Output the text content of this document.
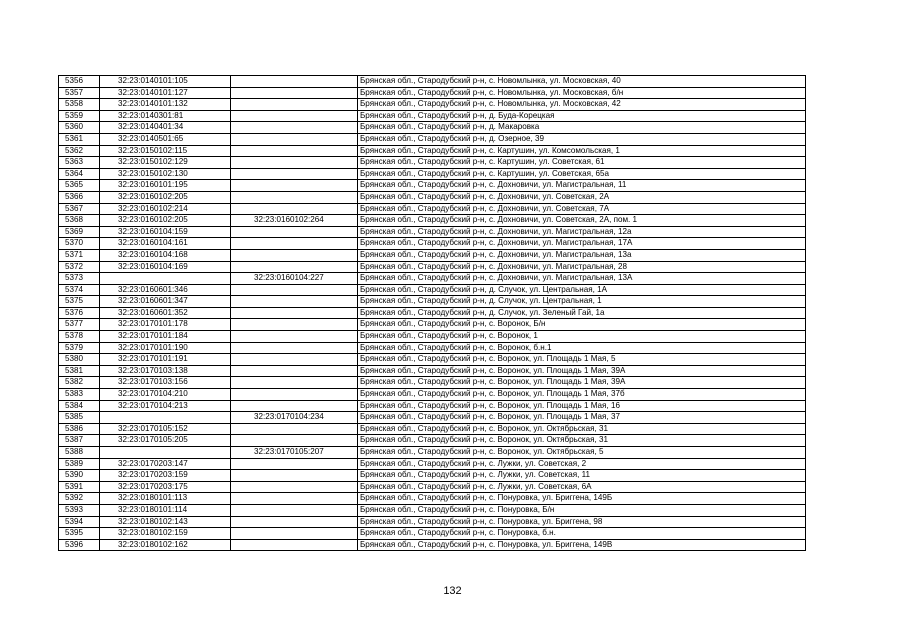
5356	32:23:0140101:105		Брянская обл., Стародубский р-н, с. Новомлынка, ул. Московская, 40
5357	32:23:0140101:127		Брянская обл., Стародубский р-н, с. Новомлынка, ул. Московская, б/н
5358	32:23:0140101:132		Брянская обл., Стародубский р-н, с. Новомлынка, ул. Московская, 42
5359	32:23:0140301:81		Брянская обл., Стародубский р-н, д. Буда-Корецкая
5360	32:23:0140401:34		Брянская обл., Стародубский р-н, д. Макаровка
5361	32:23:0140501:65		Брянская обл., Стародубский р-н, д. Озерное, 39
5362	32:23:0150102:115		Брянская обл., Стародубский р-н, с. Картушин, ул. Комсомольская, 1
5363	32:23:0150102:129		Брянская обл., Стародубский р-н, с. Картушин, ул. Советская, 61
5364	32:23:0150102:130		Брянская обл., Стародубский р-н, с. Картушин, ул. Советская, 65а
5365	32:23:0160101:195		Брянская обл., Стародубский р-н, с. Дохновичи, ул. Магистральная, 11
5366	32:23:0160102:205		Брянская обл., Стародубский р-н, с. Дохновичи, ул. Советская, 2А
5367	32:23:0160102:214		Брянская обл., Стародубский р-н, с. Дохновичи, ул. Советская, 7А
5368	32:23:0160102:205	32:23:0160102:264	Брянская обл., Стародубский р-н, с. Дохновичи, ул. Советская, 2А, пом. 1
5369	32:23:0160104:159		Брянская обл., Стародубский р-н, с. Дохновичи, ул. Магистральная, 12а
5370	32:23:0160104:161		Брянская обл., Стародубский р-н, с. Дохновичи, ул. Магистральная, 17А
5371	32:23:0160104:168		Брянская обл., Стародубский р-н, с. Дохновичи, ул. Магистральная, 13а
5372	32:23:0160104:169		Брянская обл., Стародубский р-н, с. Дохновичи, ул. Магистральная, 28
5373		32:23:0160104:227	Брянская обл., Стародубский р-н, с. Дохновичи, ул. Магистральная, 13А
5374	32:23:0160601:346		Брянская обл., Стародубский р-н, д. Случок, ул. Центральная, 1А
5375	32:23:0160601:347		Брянская обл., Стародубский р-н, д. Случок, ул. Центральная, 1
5376	32:23:0160601:352		Брянская обл., Стародубский р-н, д. Случок, ул. Зеленый Гай, 1а
5377	32:23:0170101:178		Брянская обл., Стародубский р-н, с. Воронок, Б/н
5378	32:23:0170101:184		Брянская обл., Стародубский р-н, с. Воронок, 1
5379	32:23:0170101:190		Брянская обл., Стародубский р-н, с. Воронок, б.н.1
5380	32:23:0170101:191		Брянская обл., Стародубский р-н, с. Воронок, ул. Площадь 1 Мая, 5
5381	32:23:0170103:138		Брянская обл., Стародубский р-н, с. Воронок, ул. Площадь 1 Мая, 39А
5382	32:23:0170103:156		Брянская обл., Стародубский р-н, с. Воронок, ул. Площадь 1 Мая, 39А
5383	32:23:0170104:210		Брянская обл., Стародубский р-н, с. Воронок, ул. Площадь 1 Мая, 37б
5384	32:23:0170104:213		Брянская обл., Стародубский р-н, с. Воронок, ул. Площадь 1 Мая, 16
5385		32:23:0170104:234	Брянская обл., Стародубский р-н, с. Воронок, ул. Площадь 1 Мая, 37
5386	32:23:0170105:152		Брянская обл., Стародубский р-н, с. Воронок, ул. Октябрьская, 31
5387	32:23:0170105:205		Брянская обл., Стародубский р-н, с. Воронок, ул. Октябрьская, 31
5388		32:23:0170105:207	Брянская обл., Стародубский р-н, с. Воронок, ул. Октябрьская, 5
5389	32:23:0170203:147		Брянская обл., Стародубский р-н, с. Лужки, ул. Советская, 2
5390	32:23:0170203:159		Брянская обл., Стародубский р-н, с. Лужки, ул. Советская, 11
5391	32:23:0170203:175		Брянская обл., Стародубский р-н, с. Лужки, ул. Советская, 6А
5392	32:23:0180101:113		Брянская обл., Стародубский р-н, с. Понуровка, ул. Бриггена, 149Б
5393	32:23:0180101:114		Брянская обл., Стародубский р-н, с. Понуровка, Б/н
5394	32:23:0180102:143		Брянская обл., Стародубский р-н, с. Понуровка, ул. Бриггена, 98
5395	32:23:0180102:159		Брянская обл., Стародубский р-н, с. Понуровка, б.н.
5396	32:23:0180102:162		Брянская обл., Стародубский р-н, с. Понуровка, ул. Бриггена, 149В
132
